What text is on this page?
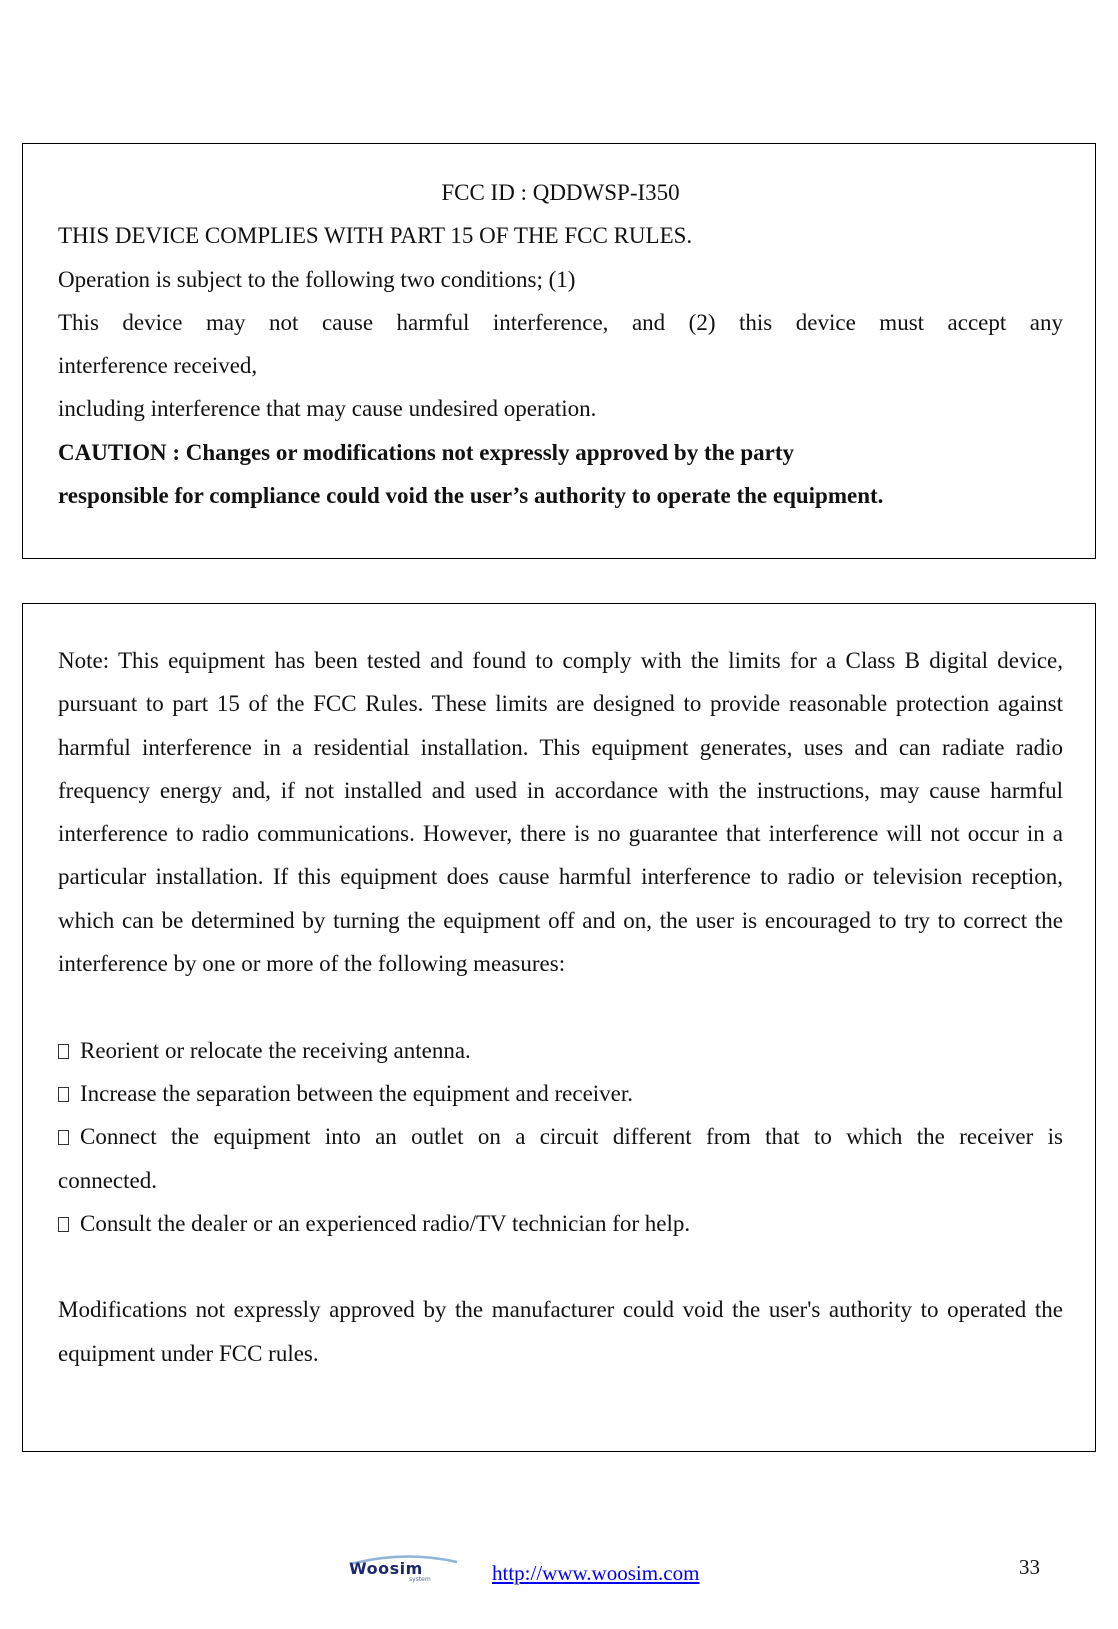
FCC ID : QDDWSP-I350
THIS DEVICE COMPLIES WITH PART 15 OF THE FCC RULES.
Operation is subject to the following two conditions; (1)
This device may not cause harmful interference, and (2) this device must accept any
interference received,
including interference that may cause undesired operation.
CAUTION : Changes or modifications not expressly approved by the party
responsible for compliance could void the user’s authority to operate the equipment.

Note: This equipment has been tested and found to comply with the limits for a Class B digital device, pursuant to part 15 of the FCC Rules. These limits are designed to provide reasonable protection against harmful interference in a residential installation. This equipment generates, uses and can radiate radio frequency energy and, if not installed and used in accordance with the instructions, may cause harmful interference to radio communications. However, there is no guarantee that interference will not occur in a particular installation. If this equipment does cause harmful interference to radio or television reception, which can be determined by turning the equipment off and on, the user is encouraged to try to correct the interference by one or more of the following measures:

Reorient or relocate the receiving antenna.
Increase the separation between the equipment and receiver.
Connect the equipment into an outlet on a circuit different from that to which the receiver is
connected.
Consult the dealer or an experienced radio/TV technician for help.

Modifications not expressly approved by the manufacturer could void the user's authority to operated the equipment under FCC rules.

Woosim
system	http://www.woosim.com	33
